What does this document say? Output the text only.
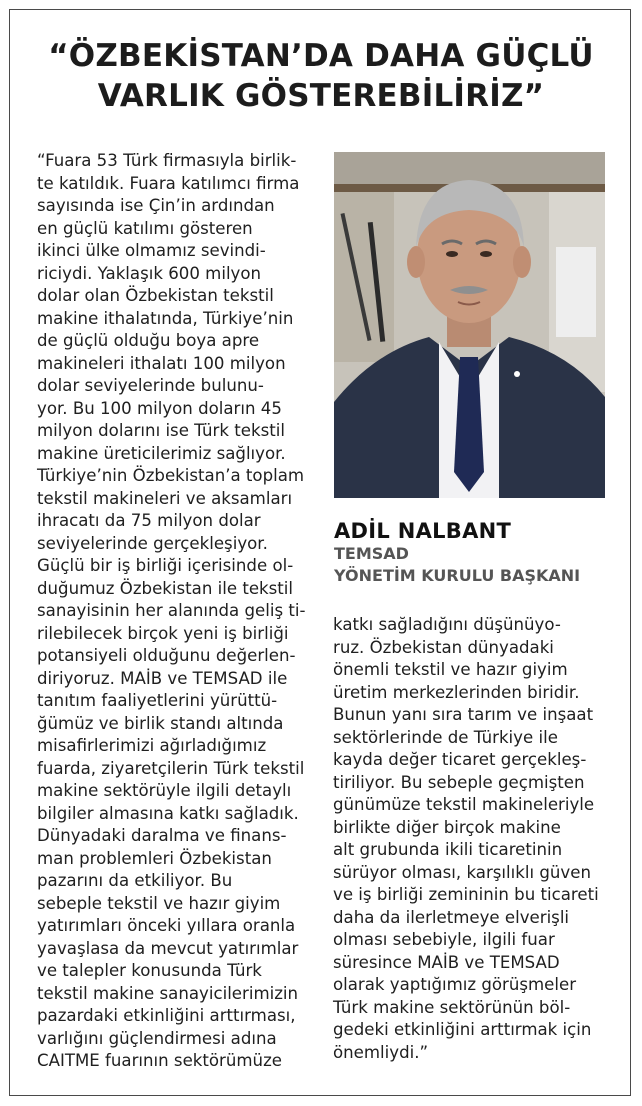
“ÖZBEKİSTAN’DA DAHA GÜÇLÜ
VARLIK GÖSTEREBİLİRİZ”
“Fuara 53 Türk firmasıyla birlik-
te katıldık. Fuara katılımcı firma
sayısında ise Çin’in ardından
en güçlü katılımı gösteren
ikinci ülke olmamız sevindi-
riciydi. Yaklaşık 600 milyon
dolar olan Özbekistan tekstil
makine ithalatında, Türkiye’nin
de güçlü olduğu boya apre
makineleri ithalatı 100 milyon
dolar seviyelerinde bulunu-
yor. Bu 100 milyon doların 45
milyon dolarını ise Türk tekstil
makine üreticilerimiz sağlıyor.
Türkiye’nin Özbekistan’a toplam
tekstil makineleri ve aksamları
ihracatı da 75 milyon dolar
seviyelerinde gerçekleşiyor.
Güçlü bir iş birliği içerisinde ol-
duğumuz Özbekistan ile tekstil
sanayisinin her alanında geliş ti-
rilebilecek birçok yeni iş birliği
potansiyeli olduğunu değerlen-
diriyoruz. MAİB ve TEMSAD ile
tanıtım faaliyetlerini yürüttü-
ğümüz ve birlik standı altında
misafirlerimizi ağırladığımız
fuarda, ziyaretçilerin Türk tekstil
makine sektörüyle ilgili detaylı
bilgiler almasına katkı sağladık.
Dünyadaki daralma ve finans-
man problemleri Özbekistan
pazarını da etkiliyor. Bu
sebeple tekstil ve hazır giyim
yatırımları önceki yıllara oranla
yavaşlasa da mevcut yatırımlar
ve talepler konusunda Türk
tekstil makine sanayicilerimizin
pazardaki etkinliğini arttırması,
varlığını güçlendirmesi adına
CAITME fuarının sektörümüze
ADİL NALBANT
TEMSAD
YÖNETİM KURULU BAŞKANI
katkı sağladığını düşünüyo-
ruz. Özbekistan dünyadaki
önemli tekstil ve hazır giyim
üretim merkezlerinden biridir.
Bunun yanı sıra tarım ve inşaat
sektörlerinde de Türkiye ile
kayda değer ticaret gerçekleş-
tiriliyor. Bu sebeple geçmişten
günümüze tekstil makineleriyle
birlikte diğer birçok makine
alt grubunda ikili ticaretinin
sürüyor olması, karşılıklı güven
ve iş birliği zemininin bu ticareti
daha da ilerletmeye elverişli
olması sebebiyle, ilgili fuar
süresince MAİB ve TEMSAD
olarak yaptığımız görüşmeler
Türk makine sektörünün böl-
gedeki etkinliğini arttırmak için
önemliydi.”
